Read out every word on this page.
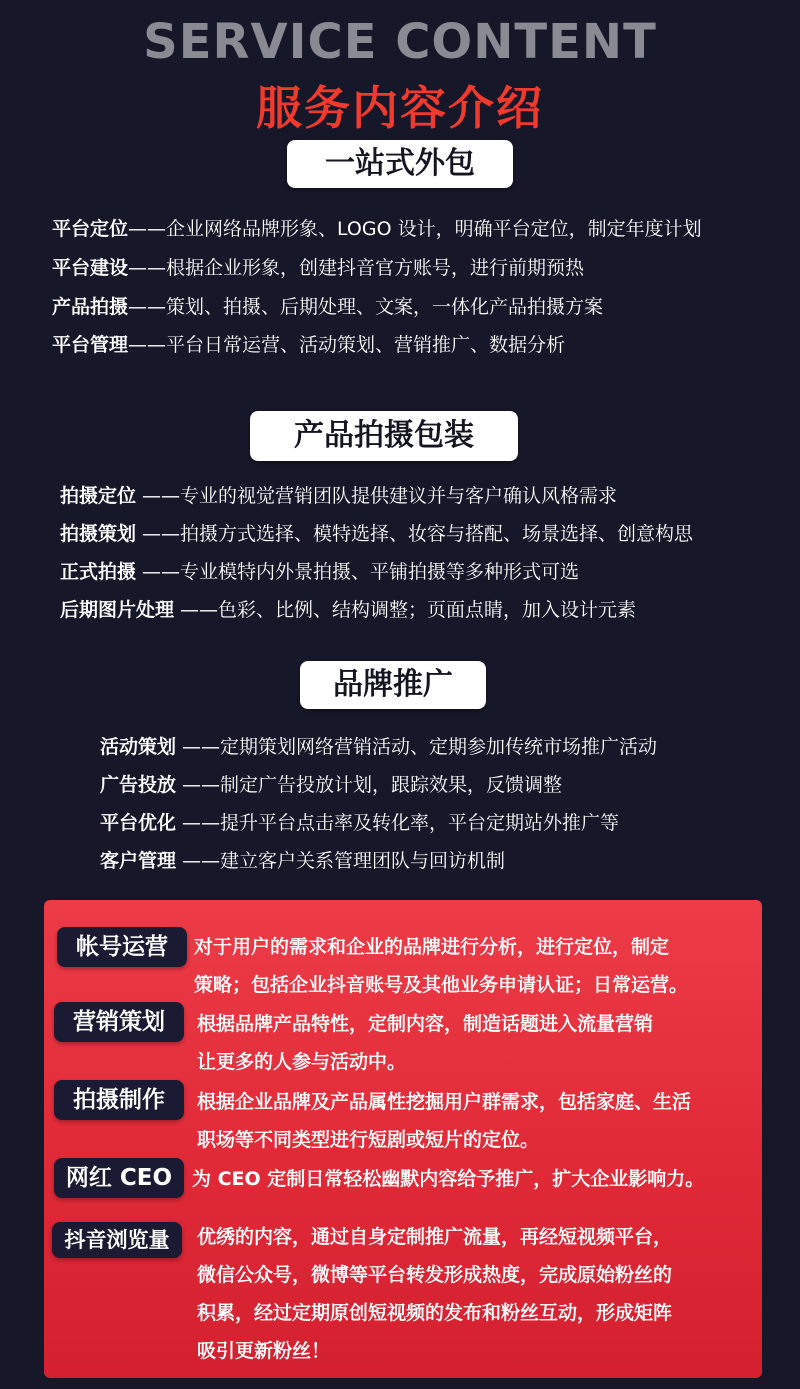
SERVICE CONTENT
服务内容介绍
一站式外包
平台定位——企业网络品牌形象、LOGO 设计，明确平台定位，制定年度计划
平台建设——根据企业形象，创建抖音官方账号，进行前期预热
产品拍摄——策划、拍摄、后期处理、文案，一体化产品拍摄方案
平台管理——平台日常运营、活动策划、营销推广、数据分析
产品拍摄包装
拍摄定位 ——专业的视觉营销团队提供建议并与客户确认风格需求
拍摄策划 ——拍摄方式选择、模特选择、妆容与搭配、场景选择、创意构思
正式拍摄 ——专业模特内外景拍摄、平铺拍摄等多种形式可选
后期图片处理 ——色彩、比例、结构调整；页面点睛，加入设计元素
品牌推广
活动策划 ——定期策划网络营销活动、定期参加传统市场推广活动
广告投放 ——制定广告投放计划，跟踪效果，反馈调整
平台优化 ——提升平台点击率及转化率，平台定期站外推广等
客户管理 ——建立客户关系管理团队与回访机制
帐号运营	对于用户的需求和企业的品牌进行分析，进行定位，制定
策略；包括企业抖音账号及其他业务申请认证；日常运营。
营销策划	根据品牌产品特性，定制内容，制造话题进入流量营销
让更多的人参与活动中。
拍摄制作	根据企业品牌及产品属性挖掘用户群需求，包括家庭、生活
职场等不同类型进行短剧或短片的定位。
网红 CEO	为 CEO 定制日常轻松幽默内容给予推广，扩大企业影响力。
抖音浏览量	优绣的内容，通过自身定制推广流量，再经短视频平台，
微信公众号，微博等平台转发形成热度，完成原始粉丝的
积累，经过定期原创短视频的发布和粉丝互动，形成矩阵
吸引更新粉丝！
